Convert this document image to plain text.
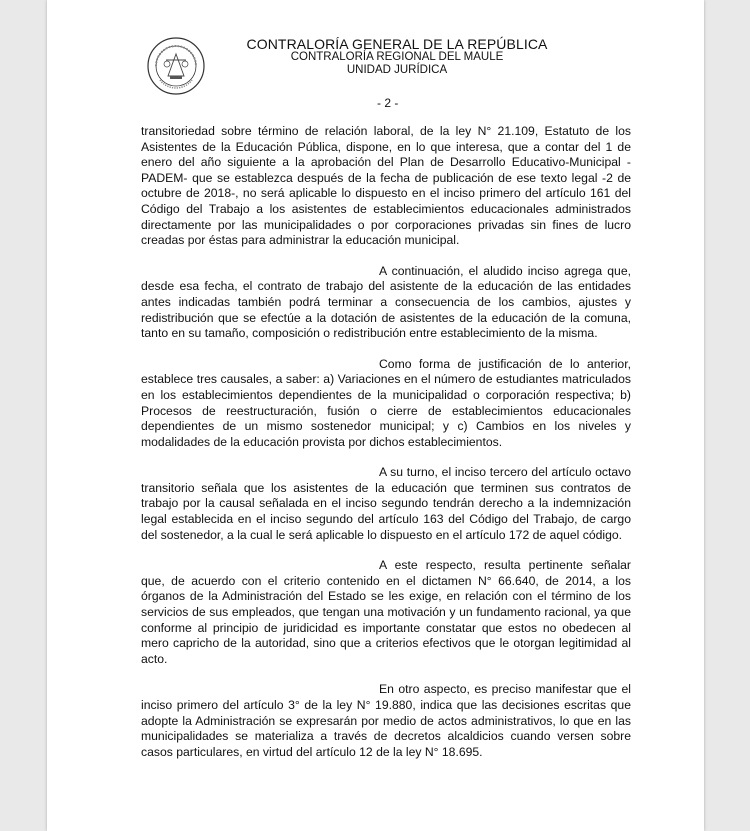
CONTRALORÍA GENERAL DE LA REPÚBLICA
CONTRALORÍA REGIONAL DEL MAULE
UNIDAD JURÍDICA
- 2 -

transitoriedad sobre término de relación laboral, de la ley N° 21.109, Estatuto de los Asistentes de la Educación Pública, dispone, en lo que interesa, que a contar del 1 de enero del año siguiente a la aprobación del Plan de Desarrollo Educativo-Municipal -PADEM- que se establezca después de la fecha de publicación de ese texto legal -2 de octubre de 2018-, no será aplicable lo dispuesto en el inciso primero del artículo 161 del Código del Trabajo a los asistentes de establecimientos educacionales administrados directamente por las municipalidades o por corporaciones privadas sin fines de lucro creadas por éstas para administrar la educación municipal.

A continuación, el aludido inciso agrega que, desde esa fecha, el contrato de trabajo del asistente de la educación de las entidades antes indicadas también podrá terminar a consecuencia de los cambios, ajustes y redistribución que se efectúe a la dotación de asistentes de la educación de la comuna, tanto en su tamaño, composición o redistribución entre establecimiento de la misma.

Como forma de justificación de lo anterior, establece tres causales, a saber: a) Variaciones en el número de estudiantes matriculados en los establecimientos dependientes de la municipalidad o corporación respectiva; b) Procesos de reestructuración, fusión o cierre de establecimientos educacionales dependientes de un mismo sostenedor municipal; y c) Cambios en los niveles y modalidades de la educación provista por dichos establecimientos.

A su turno, el inciso tercero del artículo octavo transitorio señala que los asistentes de la educación que terminen sus contratos de trabajo por la causal señalada en el inciso segundo tendrán derecho a la indemnización legal establecida en el inciso segundo del artículo 163 del Código del Trabajo, de cargo del sostenedor, a la cual le será aplicable lo dispuesto en el artículo 172 de aquel código.

A este respecto, resulta pertinente señalar que, de acuerdo con el criterio contenido en el dictamen N° 66.640, de 2014, a los órganos de la Administración del Estado se les exige, en relación con el término de los servicios de sus empleados, que tengan una motivación y un fundamento racional, ya que conforme al principio de juridicidad es importante constatar que estos no obedecen al mero capricho de la autoridad, sino que a criterios efectivos que le otorgan legitimidad al acto.

En otro aspecto, es preciso manifestar que el inciso primero del artículo 3° de la ley N° 19.880, indica que las decisiones escritas que adopte la Administración se expresarán por medio de actos administrativos, lo que en las municipalidades se materializa a través de decretos alcaldicios cuando versen sobre casos particulares, en virtud del artículo 12 de la ley N° 18.695.
